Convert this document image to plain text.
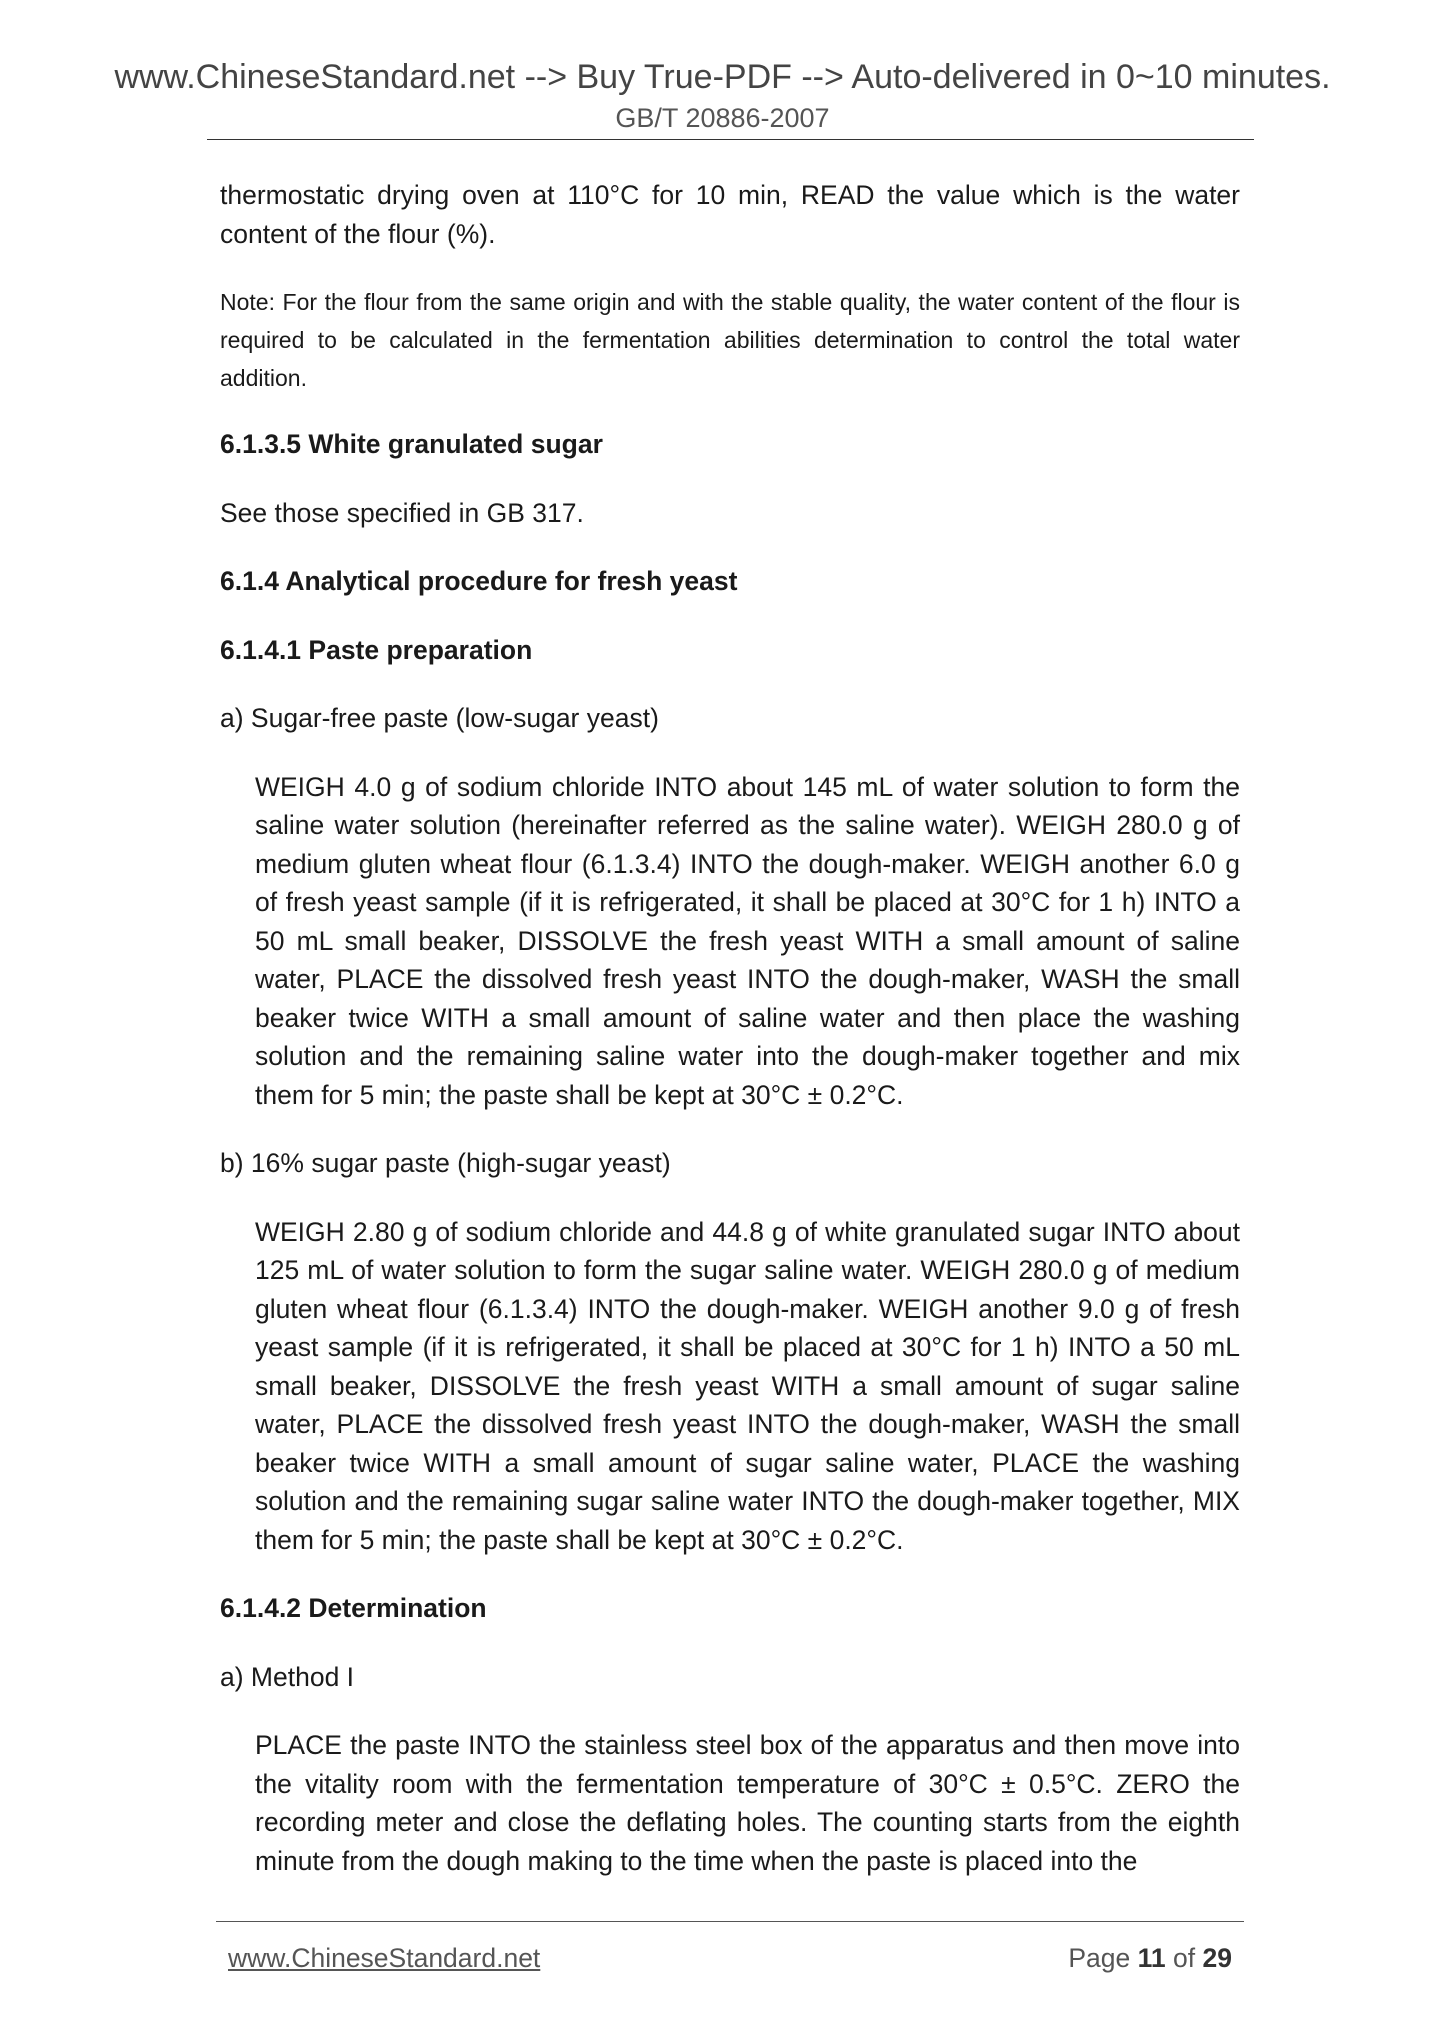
www.ChineseStandard.net --> Buy True-PDF --> Auto-delivered in 0~10 minutes.
GB/T 20886-2007

thermostatic drying oven at 110°C for 10 min, READ the value which is the water content of the flour (%).

Note: For the flour from the same origin and with the stable quality, the water content of the flour is required to be calculated in the fermentation abilities determination to control the total water addition.

6.1.3.5 White granulated sugar

See those specified in GB 317.

6.1.4 Analytical procedure for fresh yeast
6.1.4.1 Paste preparation
a) Sugar-free paste (low-sugar yeast)

WEIGH 4.0 g of sodium chloride INTO about 145 mL of water solution to form the saline water solution (hereinafter referred as the saline water). WEIGH 280.0 g of medium gluten wheat flour (6.1.3.4) INTO the dough-maker. WEIGH another 6.0 g of fresh yeast sample (if it is refrigerated, it shall be placed at 30°C for 1 h) INTO a 50 mL small beaker, DISSOLVE the fresh yeast WITH a small amount of saline water, PLACE the dissolved fresh yeast INTO the dough-maker, WASH the small beaker twice WITH a small amount of saline water and then place the washing solution and the remaining saline water into the dough-maker together and mix them for 5 min; the paste shall be kept at 30°C ± 0.2°C.

b) 16% sugar paste (high-sugar yeast)

WEIGH 2.80 g of sodium chloride and 44.8 g of white granulated sugar INTO about 125 mL of water solution to form the sugar saline water. WEIGH 280.0 g of medium gluten wheat flour (6.1.3.4) INTO the dough-maker. WEIGH another 9.0 g of fresh yeast sample (if it is refrigerated, it shall be placed at 30°C for 1 h) INTO a 50 mL small beaker, DISSOLVE the fresh yeast WITH a small amount of sugar saline water, PLACE the dissolved fresh yeast INTO the dough-maker, WASH the small beaker twice WITH a small amount of sugar saline water, PLACE the washing solution and the remaining sugar saline water INTO the dough-maker together, MIX them for 5 min; the paste shall be kept at 30°C ± 0.2°C.

6.1.4.2 Determination
a) Method I

PLACE the paste INTO the stainless steel box of the apparatus and then move into the vitality room with the fermentation temperature of 30°C ± 0.5°C. ZERO the recording meter and close the deflating holes. The counting starts from the eighth minute from the dough making to the time when the paste is placed into the

www.ChineseStandard.net	Page 11 of 29
